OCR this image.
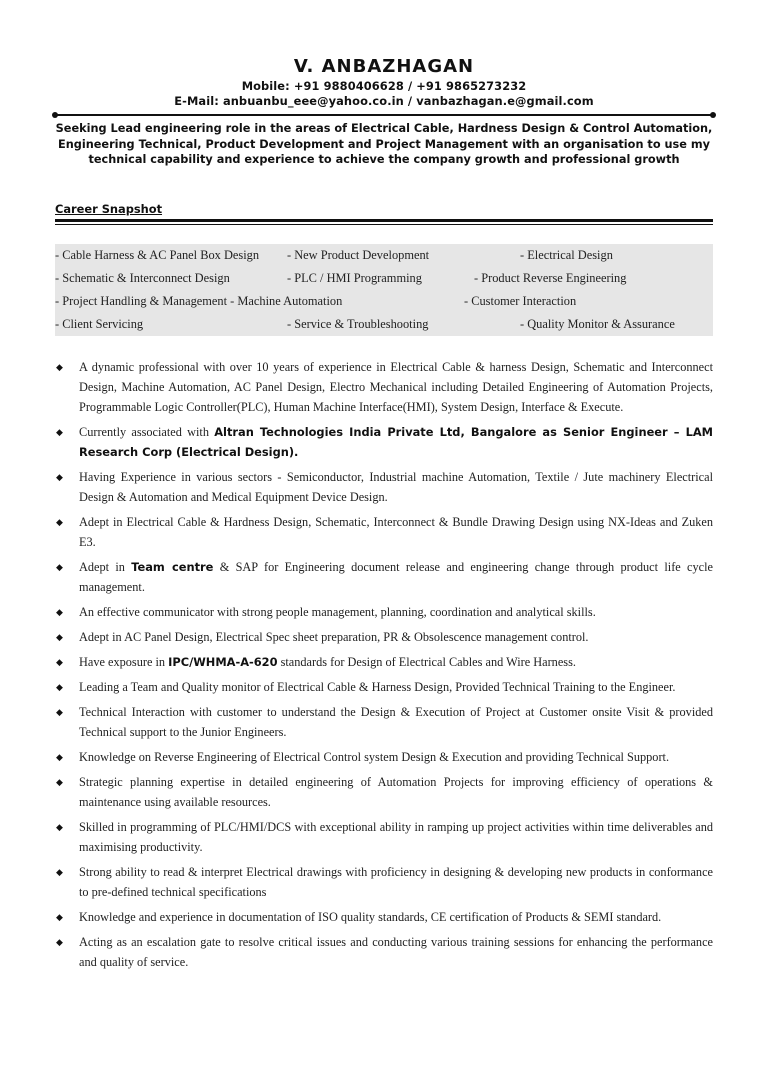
V. ANBAZHAGAN
Mobile: +91 9880406628 / +91 9865273232
E-Mail: anbuanbu_eee@yahoo.co.in / vanbazhagan.e@gmail.com
Seeking Lead engineering role in the areas of Electrical Cable, Hardness Design & Control Automation, Engineering Technical, Product Development and Project Management with an organisation to use my technical capability and experience to achieve the company growth and professional growth
Career Snapshot
- Cable Harness & AC Panel Box Design - New Product Development	- Electrical Design
- Schematic & Interconnect Design	- PLC / HMI Programming	- Product Reverse Engineering
- Project Handling & Management - Machine Automation	- Customer Interaction
- Client Servicing	- Service & Troubleshooting	- Quality Monitor & Assurance
◆ A dynamic professional with over 10 years of experience in Electrical Cable & harness Design, Schematic and Interconnect Design, Machine Automation, AC Panel Design, Electro Mechanical including Detailed Engineering of Automation Projects, Programmable Logic Controller(PLC), Human Machine Interface(HMI), System Design, Interface & Execute.
◆ Currently associated with Altran Technologies India Private Ltd, Bangalore as Senior Engineer – LAM Research Corp (Electrical Design).
◆ Having Experience in various sectors - Semiconductor, Industrial machine Automation, Textile / Jute machinery Electrical Design & Automation and Medical Equipment Device Design.
◆ Adept in Electrical Cable & Hardness Design, Schematic, Interconnect & Bundle Drawing Design using NX-Ideas and Zuken E3.
◆ Adept in Team centre & SAP for Engineering document release and engineering change through product life cycle management.
◆ An effective communicator with strong people management, planning, coordination and analytical skills.
◆ Adept in AC Panel Design, Electrical Spec sheet preparation, PR & Obsolescence management control.
◆ Have exposure in IPC/WHMA-A-620 standards for Design of Electrical Cables and Wire Harness.
◆ Leading a Team and Quality monitor of Electrical Cable & Harness Design, Provided Technical Training to the Engineer.
◆ Technical Interaction with customer to understand the Design & Execution of Project at Customer onsite Visit & provided Technical support to the Junior Engineers.
◆ Knowledge on Reverse Engineering of Electrical Control system Design & Execution and providing Technical Support.
◆ Strategic planning expertise in detailed engineering of Automation Projects for improving efficiency of operations & maintenance using available resources.
◆ Skilled in programming of PLC/HMI/DCS with exceptional ability in ramping up project activities within time deliverables and maximising productivity.
◆ Strong ability to read & interpret Electrical drawings with proficiency in designing & developing new products in conformance to pre-defined technical specifications
◆ Knowledge and experience in documentation of ISO quality standards, CE certification of Products & SEMI standard.
◆ Acting as an escalation gate to resolve critical issues and conducting various training sessions for enhancing the performance and quality of service.
